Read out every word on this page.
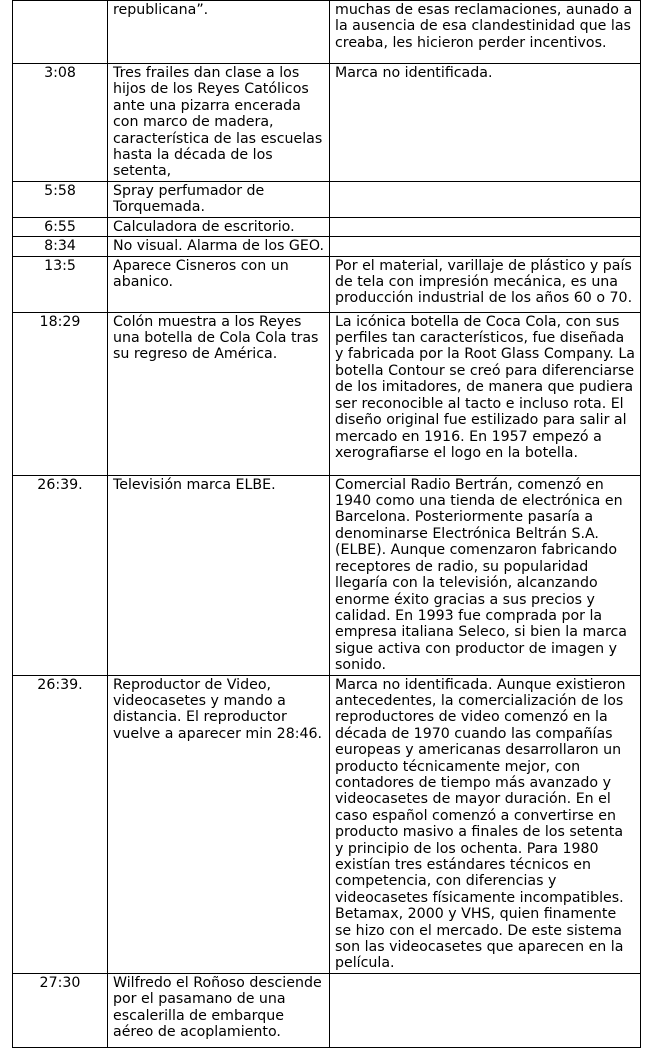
	republicana”.	muchas de esas reclamaciones, aunado a la ausencia de esa clandestinidad que las creaba, les hicieron perder incentivos.
3:08	Tres frailes dan clase a los hijos de los Reyes Católicos ante una pizarra encerada con marco de madera, característica de las escuelas hasta la década de los setenta,	Marca no identificada.
5:58	Spray perfumador de Torquemada.	
6:55	Calculadora de escritorio.	
8:34	No visual. Alarma de los GEO.	
13:5	Aparece Cisneros con un abanico.	Por el material, varillaje de plástico y país de tela con impresión mecánica, es una producción industrial de los años 60 o 70.
18:29	Colón muestra a los Reyes una botella de Cola Cola tras su regreso de América.	La icónica botella de Coca Cola, con sus perfiles tan característicos, fue diseñada y fabricada por la Root Glass Company. La botella Contour se creó para diferenciarse de los imitadores, de manera que pudiera ser reconocible al tacto e incluso rota. El diseño original fue estilizado para salir al mercado en 1916. En 1957 empezó a xerografiarse el logo en la botella.
26:39.	Televisión marca ELBE.	Comercial Radio Bertrán, comenzó en 1940 como una tienda de electrónica en Barcelona. Posteriormente pasaría a denominarse Electrónica Beltrán S.A. (ELBE). Aunque comenzaron fabricando receptores de radio, su popularidad llegaría con la televisión, alcanzando enorme éxito gracias a sus precios y calidad. En 1993 fue comprada por la empresa italiana Seleco, si bien la marca sigue activa con productor de imagen y sonido.
26:39.	Reproductor de Video, videocasetes y mando a distancia. El reproductor vuelve a aparecer min 28:46.	Marca no identificada. Aunque existieron antecedentes, la comercialización de los reproductores de video comenzó en la década de 1970 cuando las compañías europeas y americanas desarrollaron un producto técnicamente mejor, con contadores de tiempo más avanzado y videocasetes de mayor duración. En el caso español comenzó a convertirse en producto masivo a finales de los setenta y principio de los ochenta. Para 1980 existían tres estándares técnicos en competencia, con diferencias y videocasetes físicamente incompatibles. Betamax, 2000 y VHS, quien finamente se hizo con el mercado. De este sistema son las videocasetes que aparecen en la película.
27:30	Wilfredo el Roñoso desciende por el pasamano de una escalerilla de embarque aéreo de acoplamiento.	
